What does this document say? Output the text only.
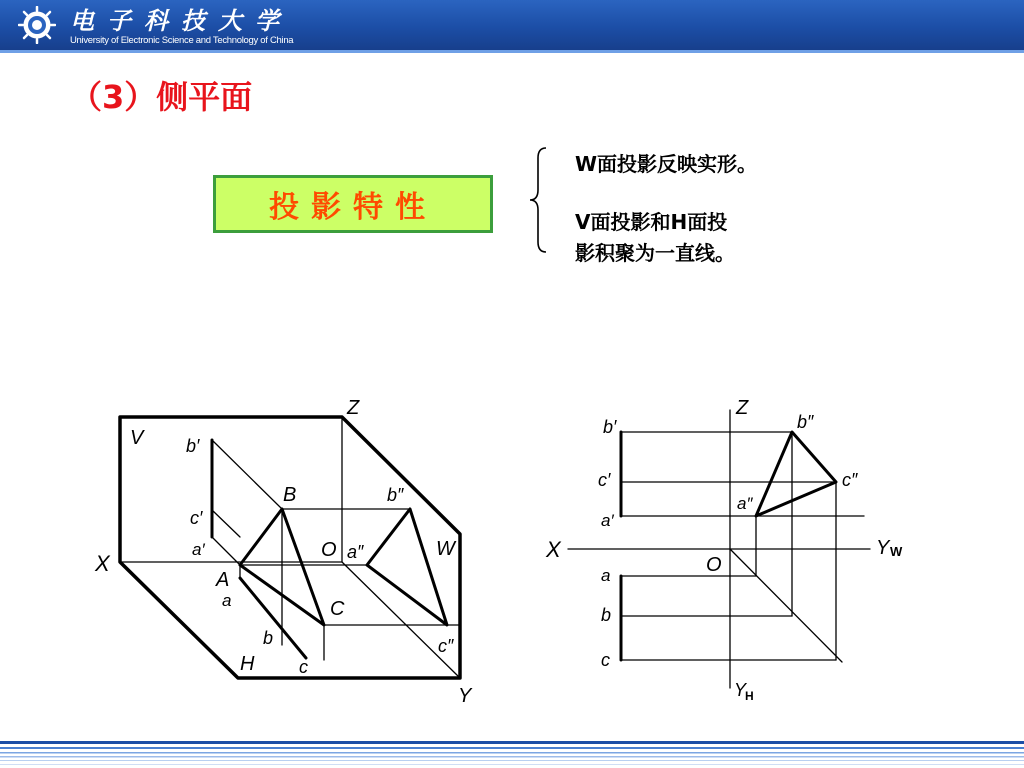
电子科技大学
University of Electronic Science and Technology of China
（3）侧平面
投影特性
W面投影反映实形。
V面投影和H面投
影积聚为一直线。
Z
V b′
c′
a′
X
B	b″
O a″	W
A
a	C
b	c″
H c
Y
Z
b′	b″
c′	c″
a″
a′
X	Y W
O
a
b
c
Y
H
